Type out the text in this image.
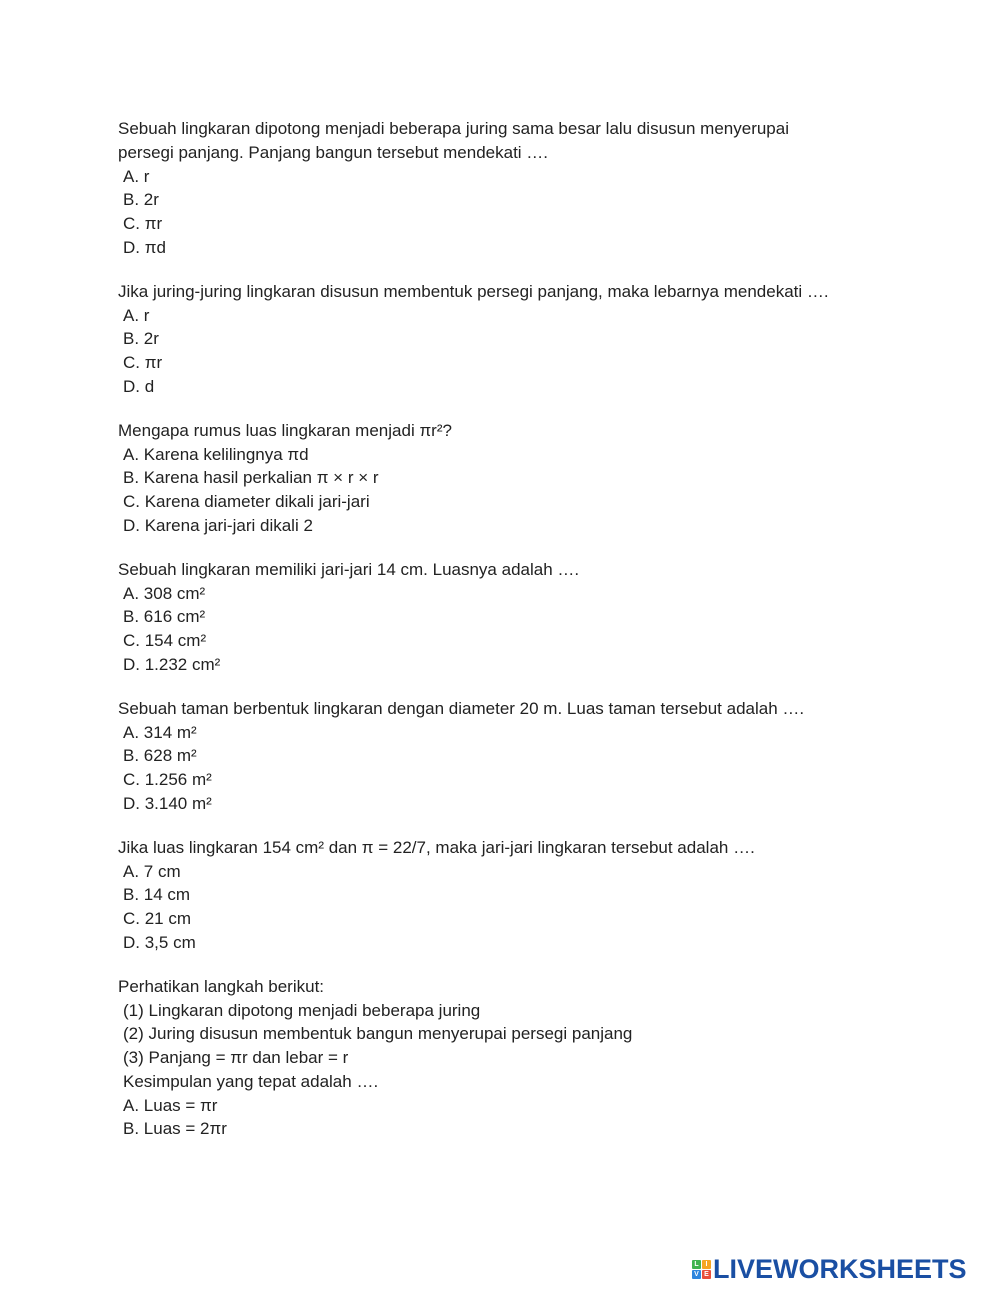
Sebuah lingkaran dipotong menjadi beberapa juring sama besar lalu disusun menyerupai
persegi panjang. Panjang bangun tersebut mendekati ….
A. r
B. 2r
C. πr
D. πd
Jika juring-juring lingkaran disusun membentuk persegi panjang, maka lebarnya mendekati ….
A. r
B. 2r
C. πr
D. d
Mengapa rumus luas lingkaran menjadi πr²?
A. Karena kelilingnya πd
B. Karena hasil perkalian π × r × r
C. Karena diameter dikali jari-jari
D. Karena jari-jari dikali 2
Sebuah lingkaran memiliki jari-jari 14 cm. Luasnya adalah ….
A. 308 cm²
B. 616 cm²
C. 154 cm²
D. 1.232 cm²
Sebuah taman berbentuk lingkaran dengan diameter 20 m. Luas taman tersebut adalah ….
A. 314 m²
B. 628 m²
C. 1.256 m²
D. 3.140 m²
Jika luas lingkaran 154 cm² dan π = 22/7, maka jari-jari lingkaran tersebut adalah ….
A. 7 cm
B. 14 cm
C. 21 cm
D. 3,5 cm
Perhatikan langkah berikut:
(1) Lingkaran dipotong menjadi beberapa juring
(2) Juring disusun membentuk bangun menyerupai persegi panjang
(3) Panjang = πr dan lebar = r
Kesimpulan yang tepat adalah ….
A. Luas = πr
B. Luas = 2πr
L I
V E LIVEWORKSHEETS
